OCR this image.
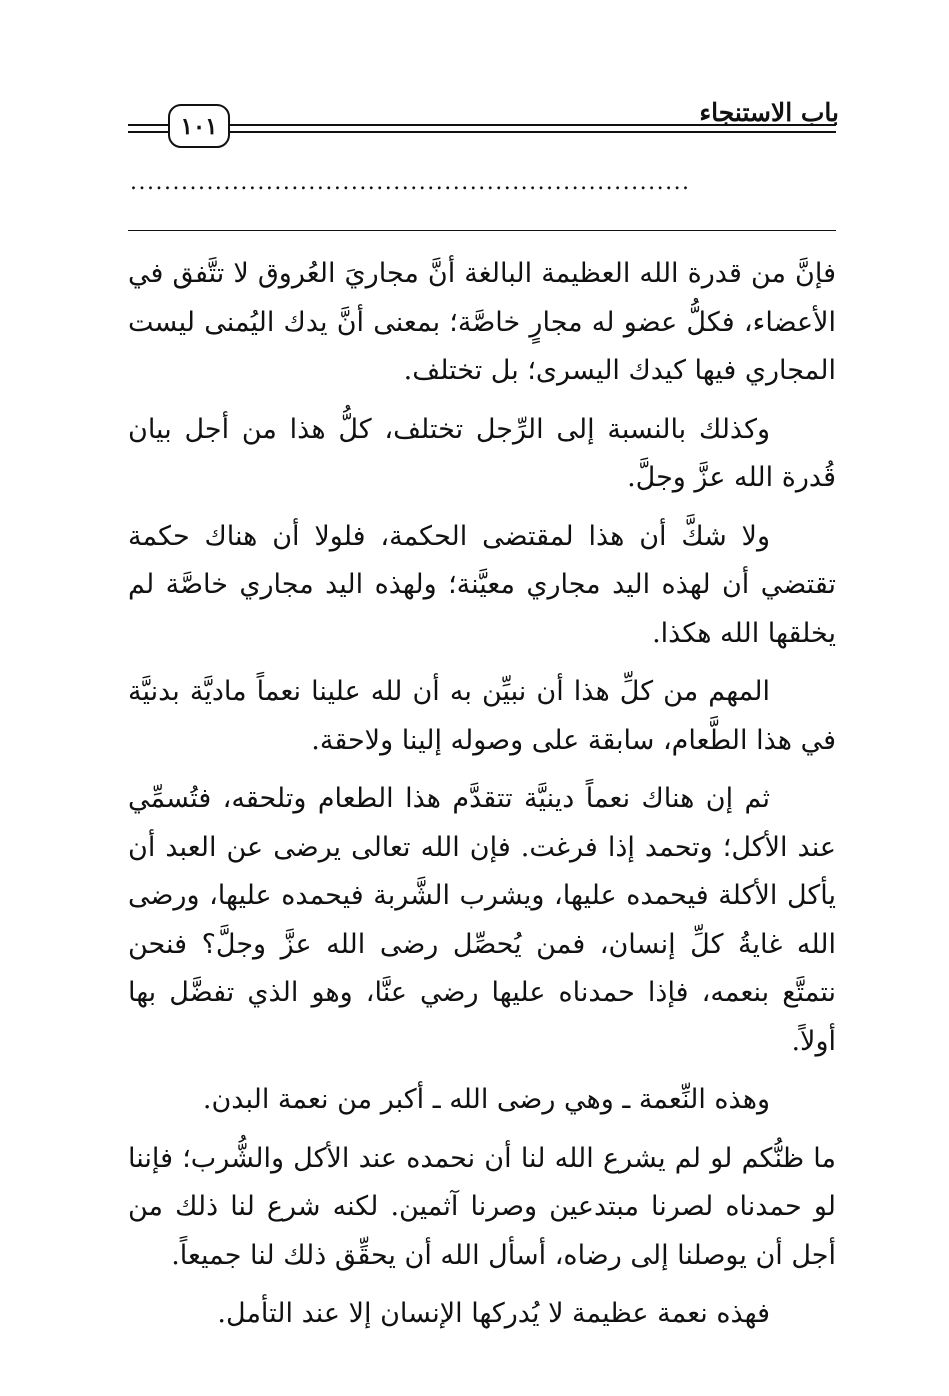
باب الاستنجاء
١٠١
..................................................................

فإنَّ من قدرة الله العظيمة البالغة أنَّ مجاريَ العُروق لا تتَّفق في الأعضاء، فكلُّ عضو له مجارٍ خاصَّة؛ بمعنى أنَّ يدك اليُمنى ليست المجاري فيها كيدك اليسرى؛ بل تختلف.

وكذلك بالنسبة إلى الرِّجل تختلف، كلُّ هذا من أجل بيان قُدرة الله عزَّ وجلَّ.

ولا شكَّ أن هذا لمقتضى الحكمة، فلولا أن هناك حكمة تقتضي أن لهذه اليد مجاري معيَّنة؛ ولهذه اليد مجاري خاصَّة لم يخلقها الله هكذا.

المهم من كلِّ هذا أن نبيِّن به أن لله علينا نعماً ماديَّة بدنيَّة في هذا الطَّعام، سابقة على وصوله إلينا ولاحقة.

ثم إن هناك نعماً دينيَّة تتقدَّم هذا الطعام وتلحقه، فتُسمِّي عند الأكل؛ وتحمد إذا فرغت. فإن الله تعالى يرضى عن العبد أن يأكل الأكلة فيحمده عليها، ويشرب الشَّربة فيحمده عليها، ورضى الله غايةُ كلِّ إنسان، فمن يُحصِّل رضى الله عزَّ وجلَّ؟ فنحن نتمتَّع بنعمه، فإذا حمدناه عليها رضي عنَّا، وهو الذي تفضَّل بها أولاً.

وهذه النِّعمة ـ وهي رضى الله ـ أكبر من نعمة البدن.

ما ظنُّكم لو لم يشرع الله لنا أن نحمده عند الأكل والشُّرب؛ فإننا لو حمدناه لصرنا مبتدعين وصرنا آثمين. لكنه شرع لنا ذلك من أجل أن يوصلنا إلى رضاه، أسأل الله أن يحقِّق ذلك لنا جميعاً.

فهذه نعمة عظيمة لا يُدركها الإنسان إلا عند التأمل.
